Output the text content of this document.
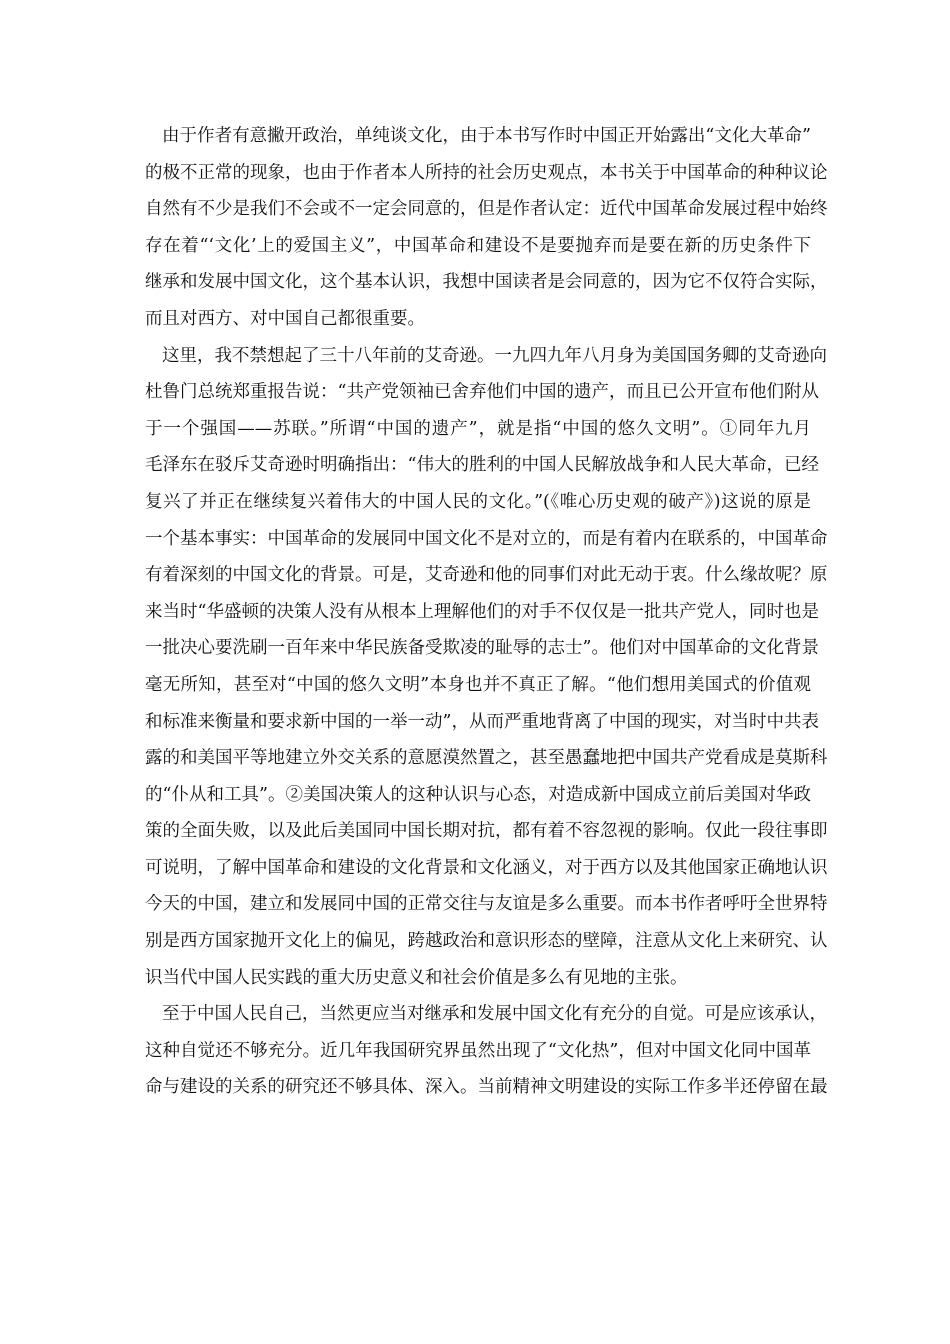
由于作者有意撇开政治，单纯谈文化，由于本书写作时中国正开始露出“文化大革命”
的极不正常的现象，也由于作者本人所持的社会历史观点，本书关于中国革命的种种议论
自然有不少是我们不会或不一定会同意的，但是作者认定：近代中国革命发展过程中始终
存在着“‘文化’上的爱国主义”，中国革命和建设不是要抛弃而是要在新的历史条件下
继承和发展中国文化，这个基本认识，我想中国读者是会同意的，因为它不仅符合实际，
而且对西方、对中国自己都很重要。
这里，我不禁想起了三十八年前的艾奇逊。一九四九年八月身为美国国务卿的艾奇逊向
杜鲁门总统郑重报告说：“共产党领袖已舍弃他们中国的遗产，而且已公开宣布他们附从
于一个强国——苏联。”所谓“中国的遗产”，就是指“中国的悠久文明”。①同年九月
毛泽东在驳斥艾奇逊时明确指出：“伟大的胜利的中国人民解放战争和人民大革命，已经
复兴了并正在继续复兴着伟大的中国人民的文化。”(《唯心历史观的破产》)这说的原是
一个基本事实：中国革命的发展同中国文化不是对立的，而是有着内在联系的，中国革命
有着深刻的中国文化的背景。可是，艾奇逊和他的同事们对此无动于衷。什么缘故呢？原
来当时“华盛顿的决策人没有从根本上理解他们的对手不仅仅是一批共产党人，同时也是
一批决心要洗刷一百年来中华民族备受欺凌的耻辱的志士”。他们对中国革命的文化背景
毫无所知，甚至对“中国的悠久文明”本身也并不真正了解。“他们想用美国式的价值观
和标准来衡量和要求新中国的一举一动”，从而严重地背离了中国的现实，对当时中共表
露的和美国平等地建立外交关系的意愿漠然置之，甚至愚蠢地把中国共产党看成是莫斯科
的“仆从和工具”。②美国决策人的这种认识与心态，对造成新中国成立前后美国对华政
策的全面失败，以及此后美国同中国长期对抗，都有着不容忽视的影响。仅此一段往事即
可说明，了解中国革命和建设的文化背景和文化涵义，对于西方以及其他国家正确地认识
今天的中国，建立和发展同中国的正常交往与友谊是多么重要。而本书作者呼吁全世界特
别是西方国家抛开文化上的偏见，跨越政治和意识形态的壁障，注意从文化上来研究、认
识当代中国人民实践的重大历史意义和社会价值是多么有见地的主张。
至于中国人民自己，当然更应当对继承和发展中国文化有充分的自觉。可是应该承认，
这种自觉还不够充分。近几年我国研究界虽然出现了“文化热”，但对中国文化同中国革
命与建设的关系的研究还不够具体、深入。当前精神文明建设的实际工作多半还停留在最
